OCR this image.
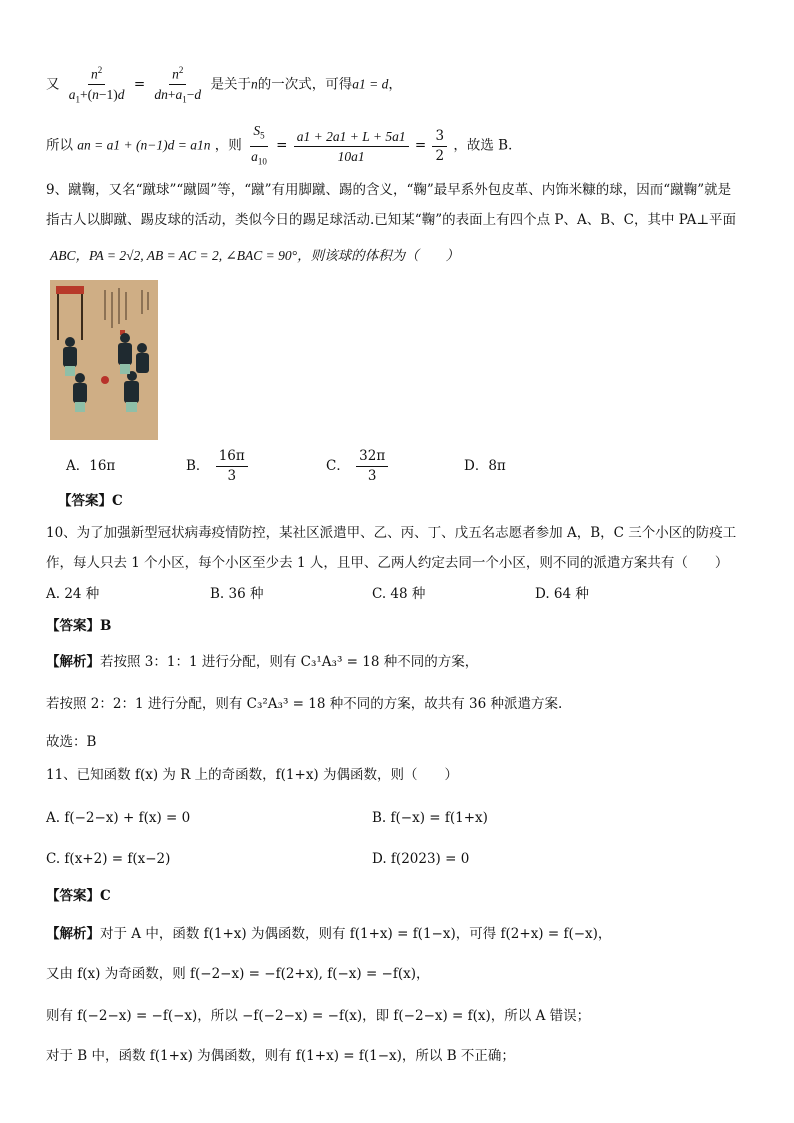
又 $\frac{n^2}{a_1+(n-1)d} = \frac{n^2}{dn+a_1-d}$ 是关于n的一次式，可得a1 = d，
所以 an = a1 + (n−1)d = a1n ，则 $\frac{S_5}{a_{10}} = \frac{a1 + 2a1 + L + 5a1}{10a1} = \frac{3}{2}$ ，故选 B．
9、蹴鞠，又名“蹴球”“蹴圆”等，“蹴”有用脚蹴、踢的含义，“鞠”最早系外包皮革、内饰米糠的球，因而“蹴鞠”就是
指古人以脚蹴、踢皮球的活动，类似今日的踢足球活动.已知某“鞠”的表面上有四个点 P、A、B、C，其中 PA⊥平面
ABC，PA = 2√2, AB = AC = 2, ∠BAC = 90°，则该球的体积为（　　）
A．16π	B． $\frac{16\pi}{3}$	C． $\frac{32\pi}{3}$	D．8π
【答案】C
10、为了加强新型冠状病毒疫情防控，某社区派遣甲、乙、丙、丁、戊五名志愿者参加 A，B，C 三个小区的防疫工
作，每人只去 1 个小区，每个小区至少去 1 人，且甲、乙两人约定去同一个小区，则不同的派遣方案共有（　　）
A. 24 种	B. 36 种	C. 48 种	D. 64 种
【答案】B
【解析】若按照 3：1：1 进行分配，则有 C₃¹A₃³ = 18 种不同的方案，
若按照 2：2：1 进行分配，则有 C₃²A₃³ = 18 种不同的方案，故共有 36 种派遣方案.
故选：B
11、已知函数 f(x) 为 R 上的奇函数，f(1+x) 为偶函数，则（　　）
A. f(−2−x) + f(x) = 0	B. f(−x) = f(1+x)
C. f(x+2) = f(x−2)	D. f(2023) = 0
【答案】C
【解析】对于 A 中，函数 f(1+x) 为偶函数，则有 f(1+x) = f(1−x)，可得 f(2+x) = f(−x)，
又由 f(x) 为奇函数，则 f(−2−x) = −f(2+x), f(−x) = −f(x)，
则有 f(−2−x) = −f(−x)，所以 −f(−2−x) = −f(x)，即 f(−2−x) = f(x)，所以 A 错误；
对于 B 中，函数 f(1+x) 为偶函数，则有 f(1+x) = f(1−x)，所以 B 不正确；
